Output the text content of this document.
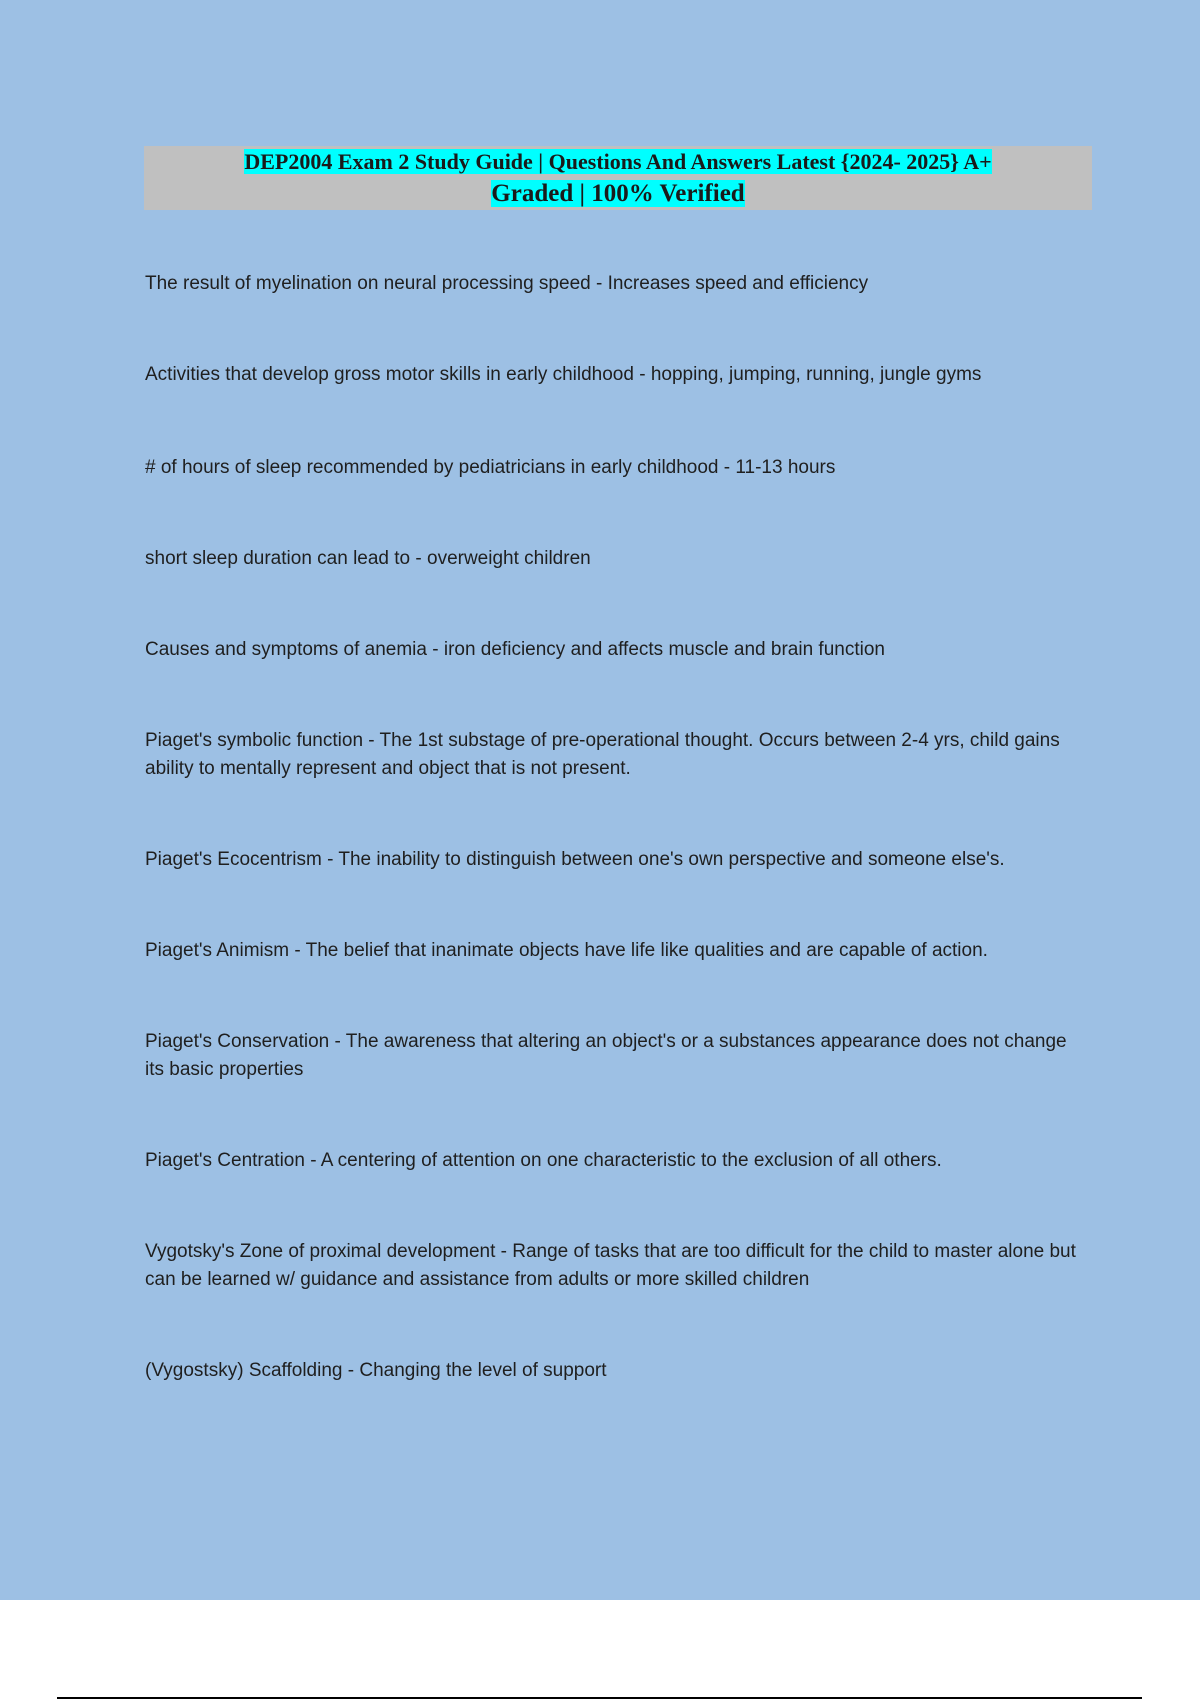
DEP2004 Exam 2 Study Guide | Questions And Answers Latest {2024- 2025} A+
Graded | 100% Verified
The result of myelination on neural processing speed - Increases speed and efficiency
Activities that develop gross motor skills in early childhood - hopping, jumping, running, jungle gyms
# of hours of sleep recommended by pediatricians in early childhood - 11-13 hours
short sleep duration can lead to - overweight children
Causes and symptoms of anemia - iron deficiency and affects muscle and brain function
Piaget's symbolic function - The 1st substage of pre-operational thought. Occurs between 2-4 yrs, child gains ability to mentally represent and object that is not present.
Piaget's Ecocentrism - The inability to distinguish between one's own perspective and someone else's.
Piaget's Animism - The belief that inanimate objects have life like qualities and are capable of action.
Piaget's Conservation - The awareness that altering an object's or a substances appearance does not change its basic properties
Piaget's Centration - A centering of attention on one characteristic to the exclusion of all others.
Vygotsky's Zone of proximal development - Range of tasks that are too difficult for the child to master alone but can be learned w/ guidance and assistance from adults or more skilled children
(Vygostsky) Scaffolding - Changing the level of support
